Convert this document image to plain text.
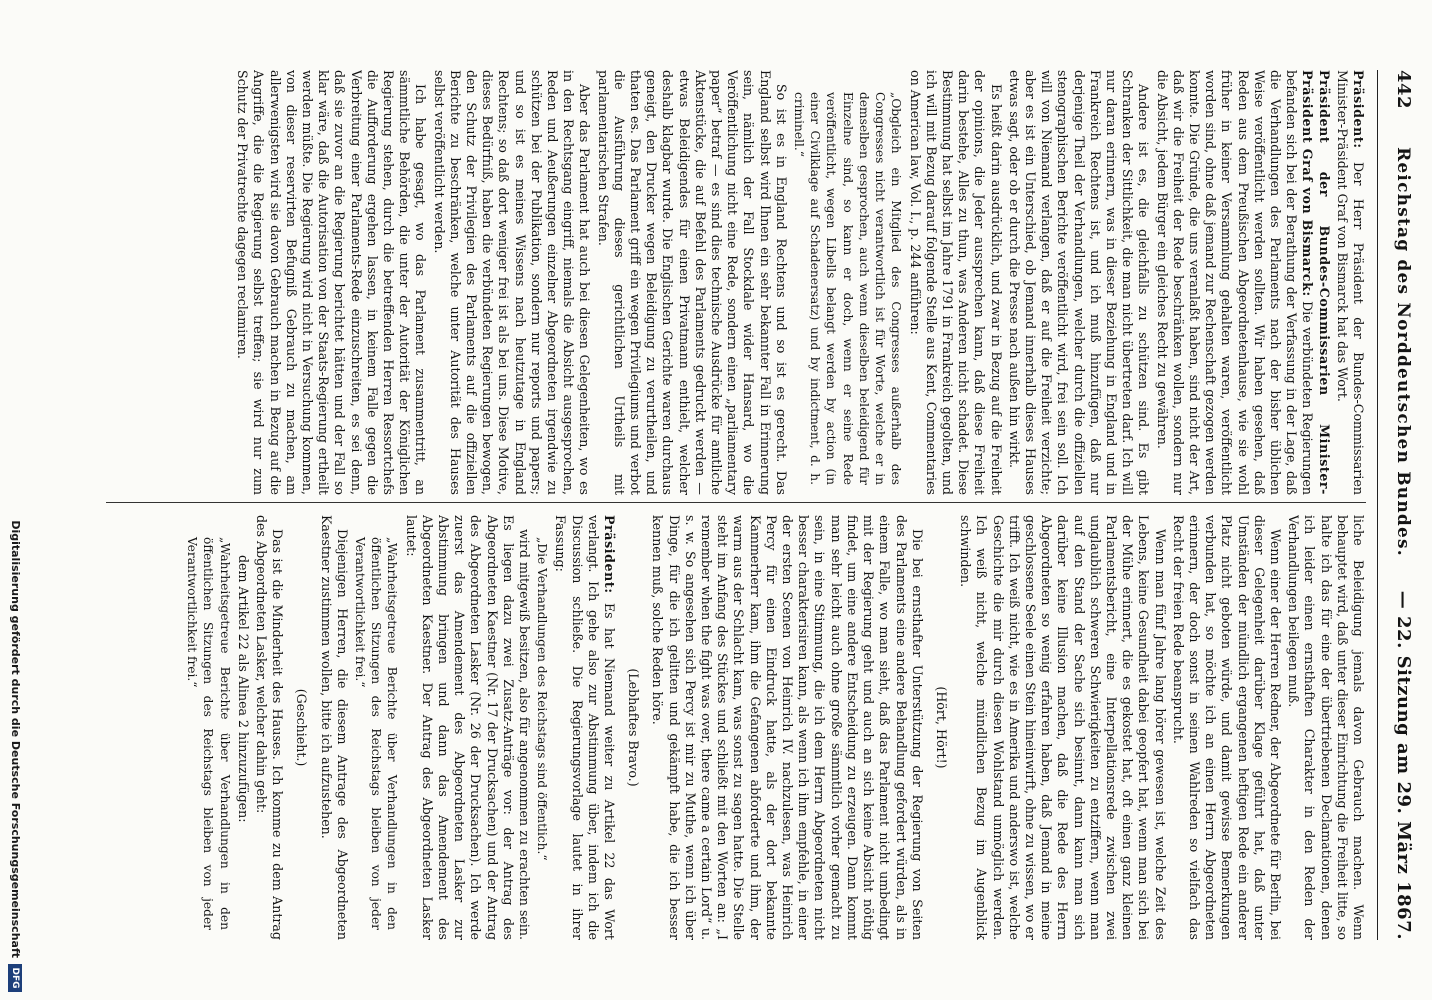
442
Reichstag des Norddeutschen Bundes.
— 22. Sitzung am 29. März 1867.

Präsident: Der Herr Präsident der Bundes-Commissarien Minister-Präsident Graf von Bismarck hat das Wort.

Präsident der Bundes-Commissarien Minister-Präsident Graf von Bismarck: Die verbündeten Regierungen befanden sich bei der Berathung der Verfassung in der Lage, daß die Verhandlungen des Parlaments nach der bisher üblichen Weise veröffentlicht werden sollten. Wir haben gesehen, daß Reden aus dem Preußischen Abgeordnetenhause, wie sie wohl früher in keiner Versammlung gehalten waren, veröffentlicht worden sind, ohne daß jemand zur Rechenschaft gezogen werden konnte. Die Gründe, die uns veranlaßt haben, sind nicht der Art, daß wir die Freiheit der Rede beschränken wollen, sondern nur die Absicht, jedem Bürger ein gleiches Recht zu gewähren.

Andere ist es, die gleichfalls zu schützen sind. Es gibt Schranken der Sittlichkeit, die man nicht übertreten darf. Ich will nur daran erinnern, was in dieser Beziehung in England und in Frankreich Rechtens ist, und ich muß hinzufügen, daß nur derjenige Theil der Verhandlungen, welcher durch die offiziellen stenographischen Berichte veröffentlicht wird, frei sein soll. Ich will von Niemand verlangen, daß er auf die Freiheit verzichte; aber es ist ein Unterschied, ob Jemand innerhalb dieses Hauses etwas sagt, oder ob er durch die Presse nach außen hin wirkt.

Es heißt darin ausdrücklich, und zwar in Bezug auf die Freiheit der opinions, die Jeder aussprechen kann, daß diese Freiheit darin bestehe, Alles zu thun, was Anderen nicht schadet. Diese Bestimmung hat selbst im Jahre 1791 in Frankreich gegolten, und ich will mit Bezug darauf folgende Stelle aus Kent, Commentaries on American law, Vol. I., p. 244 anführen:

„Obgleich ein Mitglied des Congresses außerhalb des Congresses nicht verantwortlich ist für Worte, welche er in demselben gesprochen, auch wenn dieselben beleidigend für Einzelne sind, so kann er doch, wenn er seine Rede veröffentlicht, wegen Libells belangt werden by action (in einer Civilklage auf Schadenersatz) und by indictment, d. h. criminell.“

So ist es in England Rechtens und so ist es gerecht. Das England selbst wird Ihnen ein sehr bekannter Fall in Erinnerung sein, nämlich der Fall Stockdale wider Hansard, wo die Veröffentlichung nicht eine Rede, sondern einen „parliamentary paper“ betraf — es sind dies technische Ausdrücke für amtliche Aktenstücke, die auf Befehl des Parlaments gedruckt werden — etwas Beleidigendes für einen Privatmann enthielt, welcher deshalb klagbar wurde. Die Englischen Gerichte waren durchaus geneigt, den Drucker wegen Beleidigung zu verurtheilen, und thaten es. Das Parlament griff ein wegen Privilegiums und verbot die Ausführung dieses gerichtlichen Urtheils mit parlamentarischen Strafen.

Aber das Parlament hat auch bei diesen Gelegenheiten, wo es in den Rechtsgang eingriff, niemals die Absicht ausgesprochen, Reden und Aeußerungen einzelner Abgeordneten irgendwie zu schützen bei der Publikation, sondern nur reports und papers; und so ist es meines Wissens nach heutzutage in England Rechtens; so daß dort weniger frei ist als bei uns. Diese Motive, dieses Bedürfniß, haben die verbündeten Regierungen bewogen, den Schutz der Privilegien des Parlaments auf die offiziellen Berichte zu beschränken, welche unter Autorität des Hauses selbst veröffentlicht werden.

Ich habe gesagt, wo das Parlament zusammentritt, an sämmtliche Behörden, die unter der Autorität der Königlichen Regierung stehen, durch die betreffenden Herren Ressortchefs die Aufforderung ergehen lassen, in keinem Falle gegen die Verbreitung einer Parlaments-Rede einzuschreiten, es sei denn, daß sie zuvor an die Regierung berichtet hätten und der Fall so klar wäre, daß die Autorisation von der Staats-Regierung ertheilt werden müßte. Die Regierung wird nicht in Versuchung kommen, von dieser reservirten Befugniß Gebrauch zu machen, am allerwenigsten wird sie davon Gebrauch machen in Bezug auf die Angriffe, die die Regierung selbst treffen; sie wird nur zum Schutz der Privatrechte dagegen reclamiren.

liche Beleidigung jemals davon Gebrauch machen. Wenn behauptet wird, daß unter dieser Einrichtung die Freiheit litte, so halte ich das für eine der übertriebenen Declamationen, denen ich leider einen ernsthaften Charakter in den Reden der Verhandlungen beilegen muß.

Wenn einer der Herren Redner, der Abgeordnete für Berlin, bei dieser Gelegenheit darüber Klage geführt hat, daß unter Umständen der mündlich ergangenen heftigen Rede ein anderer Platz nicht geboten würde, und damit gewisse Bemerkungen verbunden hat, so möchte ich an einen Herrn Abgeordneten erinnern, der doch sonst in seinen Wahlreden so vielfach das Recht der freien Rede beansprucht.

Wenn man fünf Jahre lang hörer gewesen ist, welche Zeit des Lebens, keine Gesundheit dabei geopfert hat, wenn man sich bei der Mühe erinnert, die es gekostet hat, oft einen ganz kleinen Parlamentsbericht, eine Interpellationsrede zwischen zwei unglaublich schweren Schwierigkeiten zu entziffern, wenn man auf den Stand der Sache sich besinnt, dann kann man sich darüber keine Illusion machen, daß die Rede des Herrn Abgeordneten so wenig erfahren haben, daß Jemand in meine geschlossene Seele einen Stein hineinwirft, ohne zu wissen, wo er trifft. Ich weiß nicht, wie es in Amerika und anderswo ist, welche Geschichte die mir durch diesen Wohlstand unmöglich werden. Ich weiß nicht, welche mündlichen Bezug im Augenblick schwinden.

(Hört, Hört!)

Die bei ernsthafter Unterstützung der Regierung von Seiten des Parlaments eine andere Behandlung gefordert würden, als in einem Falle, wo man sieht, daß das Parlament nicht umbedingt mit der Regierung geht und auch an sich keine Absicht nöthig findet, um eine andere Entscheidung zu erzeugen. Dann kommt man sehr leicht auch ohne große sämmtlich vorher gemacht zu sein, in eine Stimmung, die ich dem Herrn Abgeordneten nicht besser charakterisiren kann, als wenn ich ihm empfehle, in einer der ersten Scenen von Heinrich IV. nachzulesen, was Heinrich Percy für einen Eindruck hatte, als der dort bekannte Kammerherr kam, ihm die Gefangenen abforderte und ihm, der warm aus der Schlacht kam, was sonst zu sagen hatte. Die Stelle steht im Anfang des Stückes und schließt mit den Worten an: „I remember when the fight was over, there came a certain Lord“ u. s. w. So angesehen sich Percy ist mir zu Muthe, wenn ich über Dinge, für die ich gelitten und gekämpft habe, die ich besser kennen muß, solche Reden höre.

(Lebhaftes Bravo.)

Präsident: Es hat Niemand weiter zu Artikel 22 das Wort verlangt. Ich gehe also zur Abstimmung über, indem ich die Discussion schließe. Die Regierungsvorlage lautet in ihrer Fassung:

„Die Verhandlungen des Reichstags sind öffentlich.“

wird mitgewiß besitzen, also für angenommen zu erachten sein. Es liegen dazu zwei Zusatz-Anträge vor: der Antrag des Abgeordneten Kaestner (Nr. 17 der Drucksachen) und der Antrag des Abgeordneten Lasker (Nr. 26 der Drucksachen). Ich werde zuerst das Amendement des Abgeordneten Lasker zur Abstimmung bringen und dann das Amendement des Abgeordneten Kaestner. Der Antrag des Abgeordneten Lasker lautet:

„Wahrheitsgetreue Berichte über Verhandlungen in den öffentlichen Sitzungen des Reichstags bleiben von jeder Verantwortlichkeit frei.“

Diejenigen Herren, die diesem Antrage des Abgeordneten Kaestner zustimmen wollen, bitte ich aufzustehen.

(Geschieht.)

Das ist die Minderheit des Hauses. Ich komme zu dem Antrag des Abgeordneten Lasker, welcher dahin geht:

dem Artikel 22 als Alinea 2 hinzuzufügen:

„Wahrheitsgetreue Berichte über Verhandlungen in den öffentlichen Sitzungen des Reichstags bleiben von jeder Verantwortlichkeit frei.“

Digitalisierung gefördert durch die Deutsche ForschungsgemeinschaftDFG
